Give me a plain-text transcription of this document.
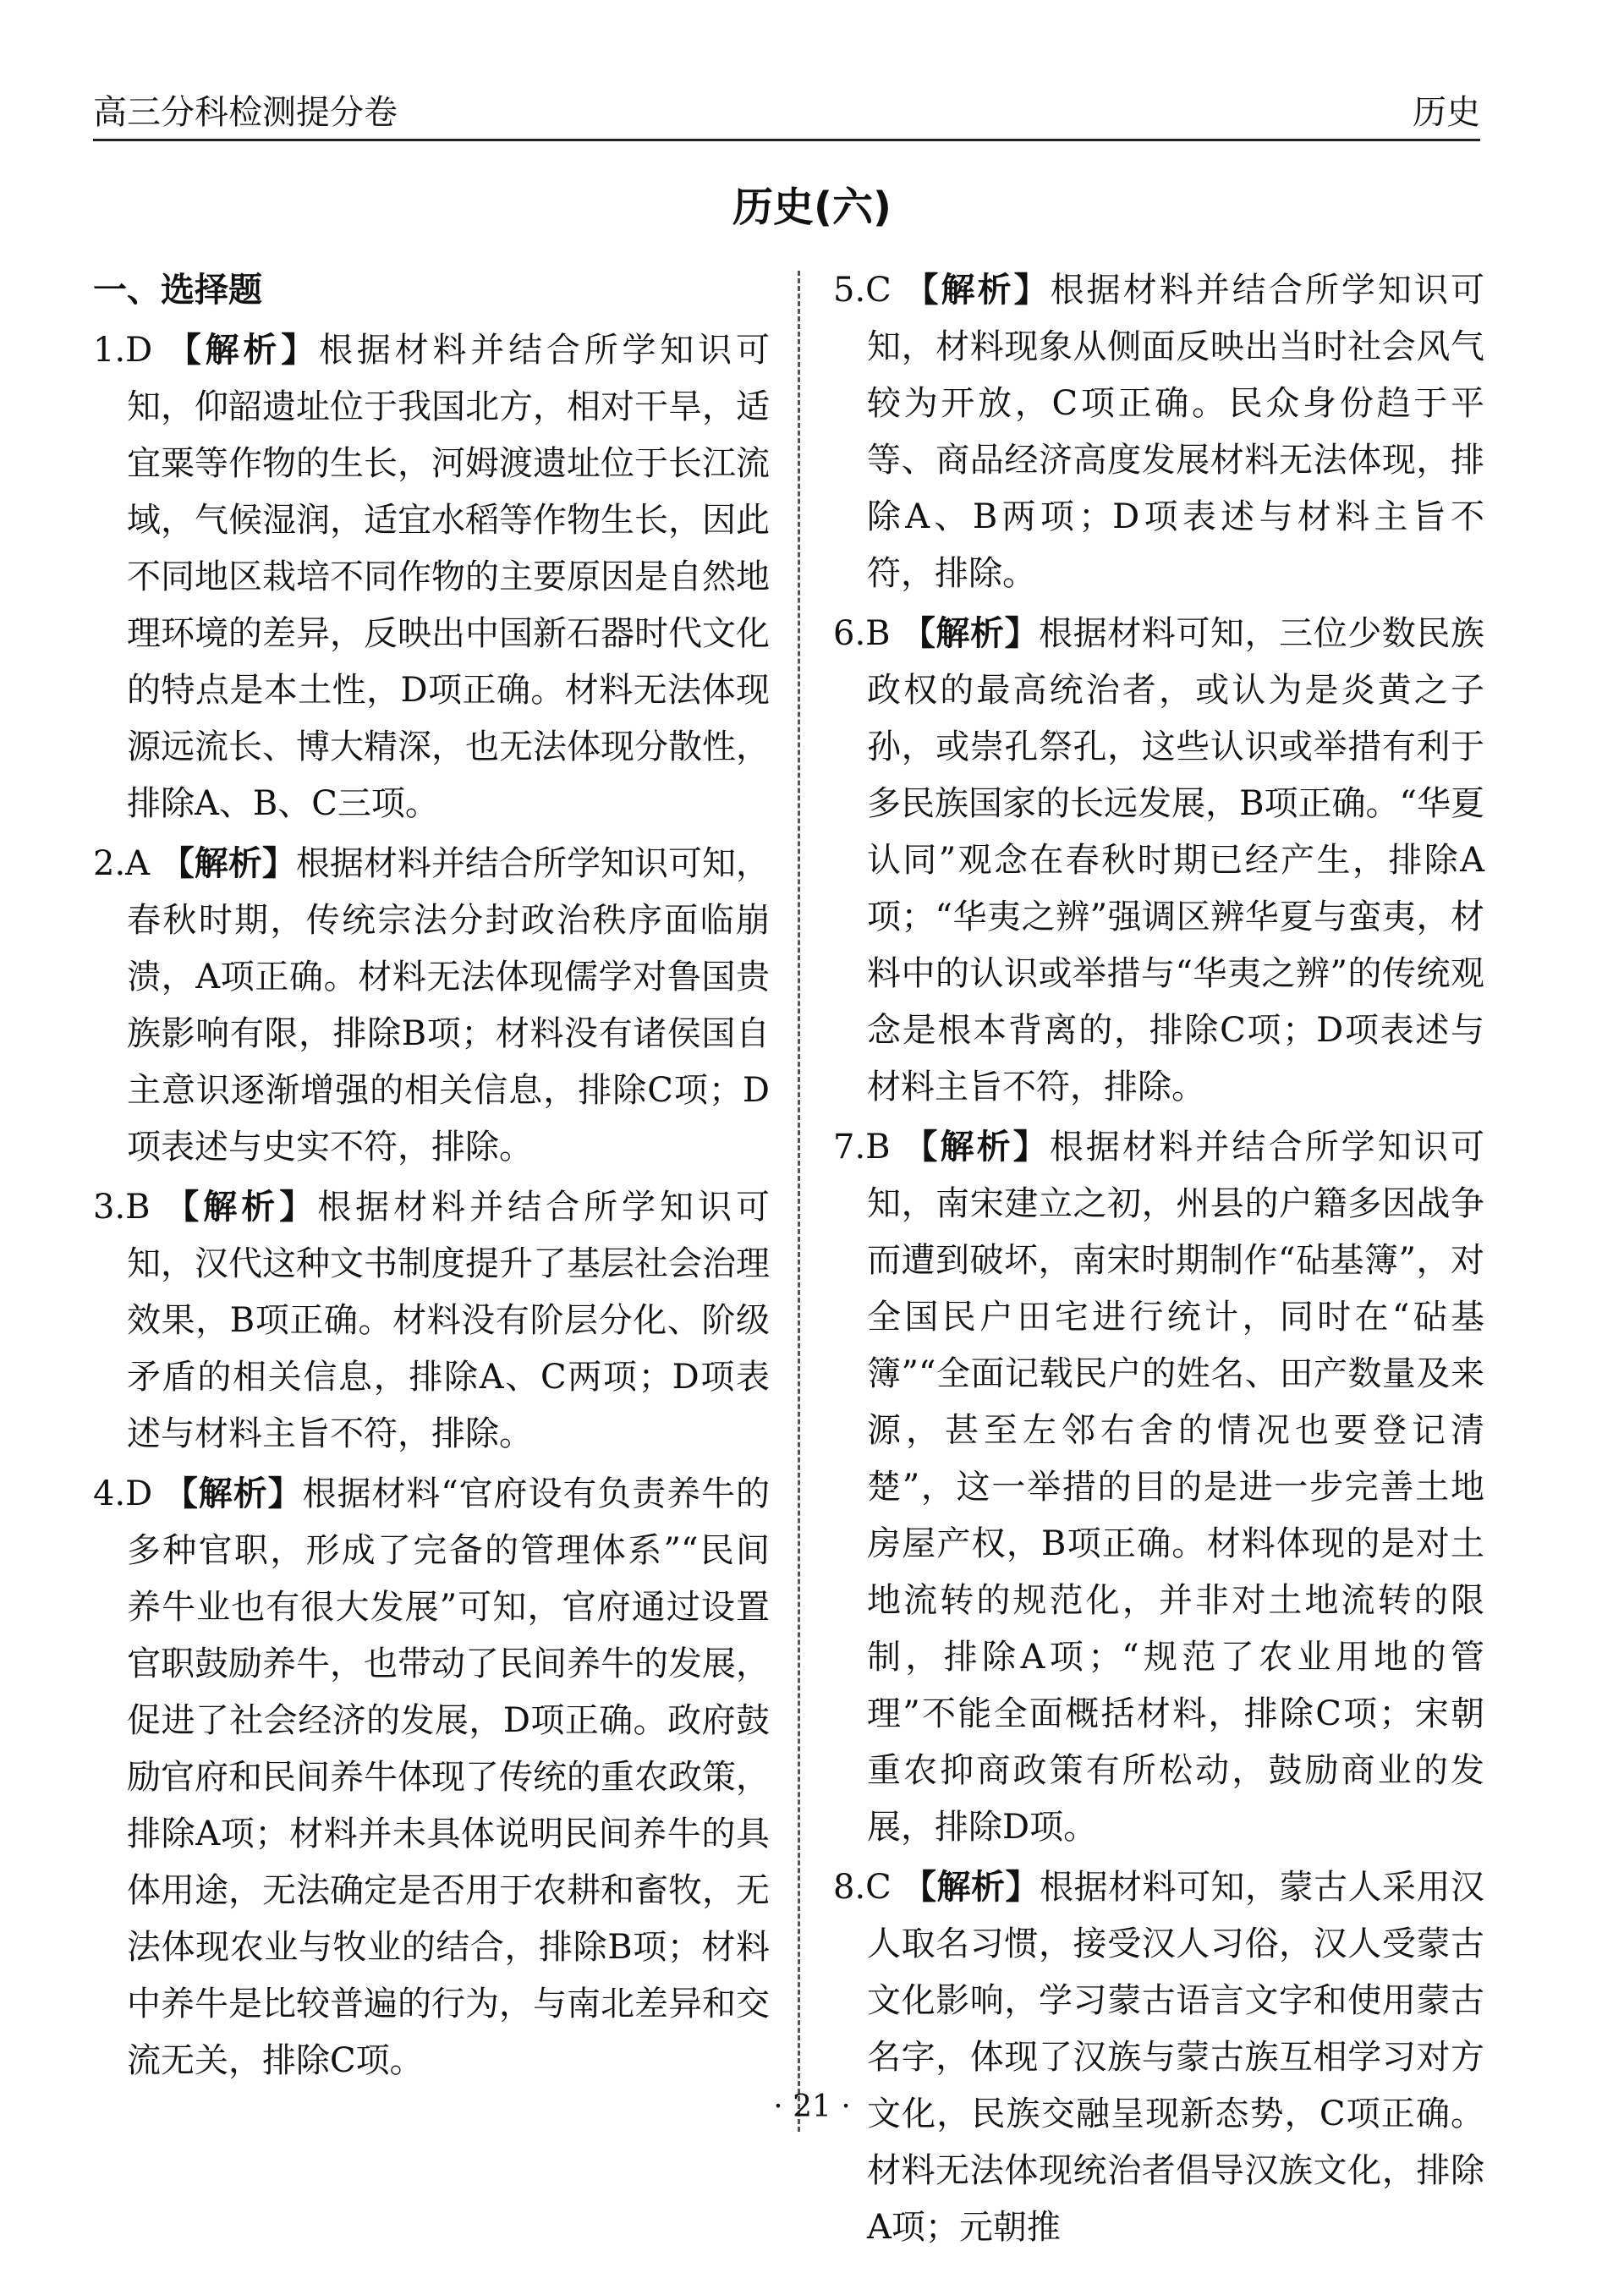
高三分科检测提分卷	历史
历史(六)

一、选择题

1.D 【解析】根据材料并结合所学知识可知，仰韶遗址位于我国北方，相对干旱，适宜粟等作物的生长，河姆渡遗址位于长江流域，气候湿润，适宜水稻等作物生长，因此不同地区栽培不同作物的主要原因是自然地理环境的差异，反映出中国新石器时代文化的特点是本土性，D项正确。材料无法体现源远流长、博大精深，也无法体现分散性，排除A、B、C三项。

2.A 【解析】根据材料并结合所学知识可知，春秋时期，传统宗法分封政治秩序面临崩溃，A项正确。材料无法体现儒学对鲁国贵族影响有限，排除B项；材料没有诸侯国自主意识逐渐增强的相关信息，排除C项；D项表述与史实不符，排除。

3.B 【解析】根据材料并结合所学知识可知，汉代这种文书制度提升了基层社会治理效果，B项正确。材料没有阶层分化、阶级矛盾的相关信息，排除A、C两项；D项表述与材料主旨不符，排除。

4.D 【解析】根据材料“官府设有负责养牛的多种官职，形成了完备的管理体系”“民间养牛业也有很大发展”可知，官府通过设置官职鼓励养牛，也带动了民间养牛的发展，促进了社会经济的发展，D项正确。政府鼓励官府和民间养牛体现了传统的重农政策，排除A项；材料并未具体说明民间养牛的具体用途，无法确定是否用于农耕和畜牧，无法体现农业与牧业的结合，排除B项；材料中养牛是比较普遍的行为，与南北差异和交流无关，排除C项。

5.C 【解析】根据材料并结合所学知识可知，材料现象从侧面反映出当时社会风气较为开放，C项正确。民众身份趋于平等、商品经济高度发展材料无法体现，排除A、B两项；D项表述与材料主旨不符，排除。

6.B 【解析】根据材料可知，三位少数民族政权的最高统治者，或认为是炎黄之子孙，或崇孔祭孔，这些认识或举措有利于多民族国家的长远发展，B项正确。“华夏认同”观念在春秋时期已经产生，排除A项；“华夷之辨”强调区辨华夏与蛮夷，材料中的认识或举措与“华夷之辨”的传统观念是根本背离的，排除C项；D项表述与材料主旨不符，排除。

7.B 【解析】根据材料并结合所学知识可知，南宋建立之初，州县的户籍多因战争而遭到破坏，南宋时期制作“砧基簿”，对全国民户田宅进行统计，同时在“砧基簿”“全面记载民户的姓名、田产数量及来源，甚至左邻右舍的情况也要登记清楚”，这一举措的目的是进一步完善土地房屋产权，B项正确。材料体现的是对土地流转的规范化，并非对土地流转的限制，排除A项；“规范了农业用地的管理”不能全面概括材料，排除C项；宋朝重农抑商政策有所松动，鼓励商业的发展，排除D项。

8.C 【解析】根据材料可知，蒙古人采用汉人取名习惯，接受汉人习俗，汉人受蒙古文化影响，学习蒙古语言文字和使用蒙古名字，体现了汉族与蒙古族互相学习对方文化，民族交融呈现新态势，C项正确。材料无法体现统治者倡导汉族文化，排除A项；元朝推

· 21 ·
